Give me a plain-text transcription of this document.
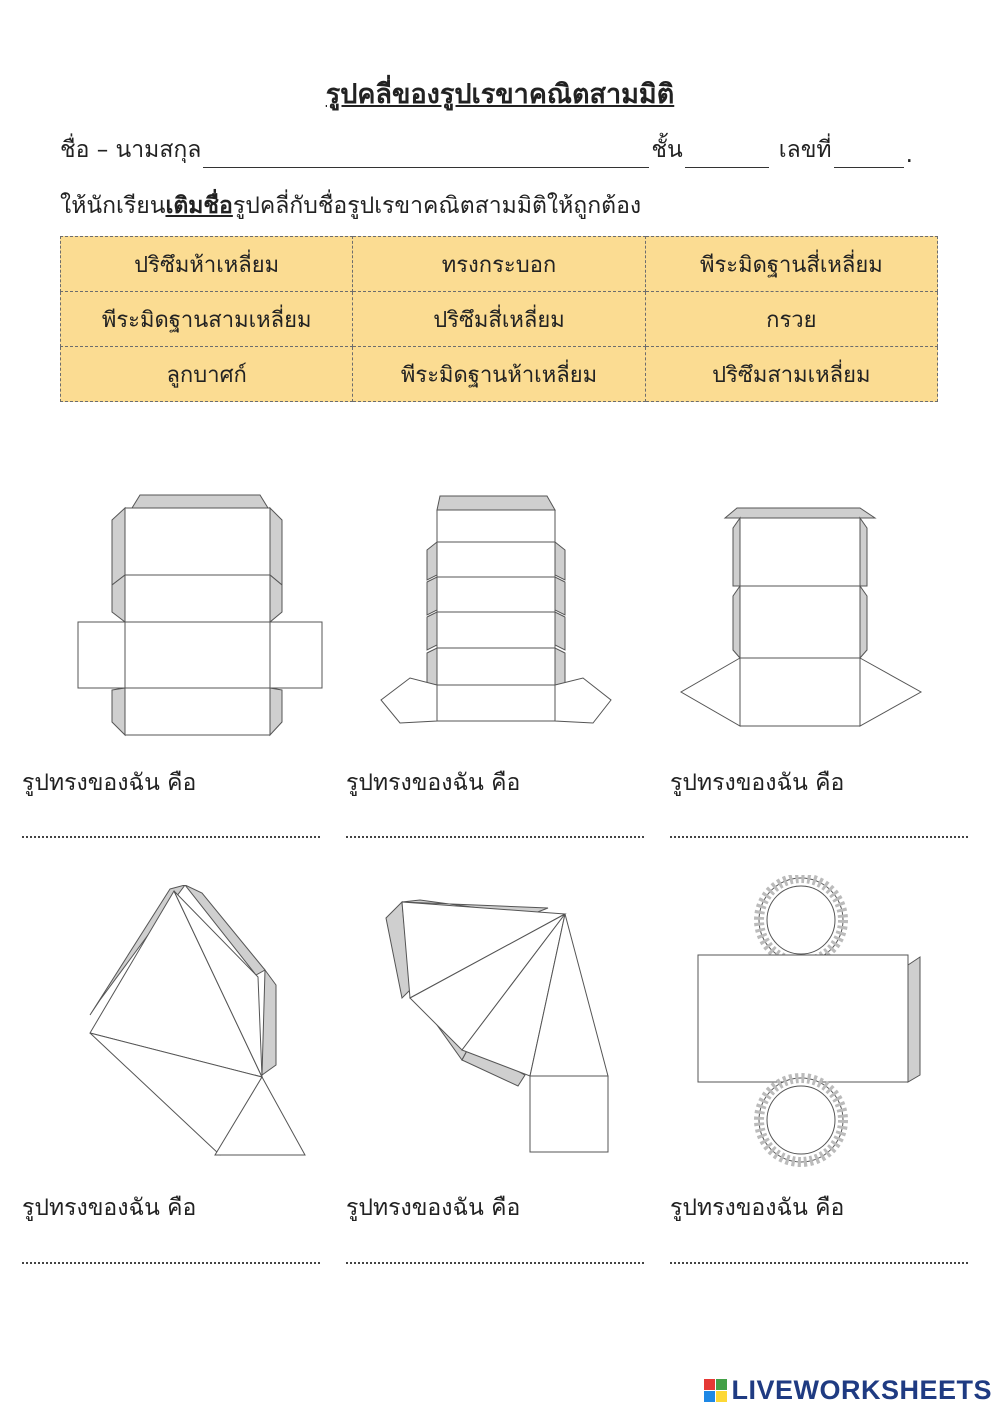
รูปคลี่ของรูปเรขาคณิตสามมิติ
ชื่อ – นามสกุล	ชั้น	เลขที่	.
ให้นักเรียนเติมชื่อรูปคลี่กับชื่อรูปเรขาคณิตสามมิติให้ถูกต้อง
ปริซึมห้าเหลี่ยม	ทรงกระบอก	พีระมิดฐานสี่เหลี่ยม
พีระมิดฐานสามเหลี่ยม	ปริซึมสี่เหลี่ยม	กรวย
ลูกบาศก์	พีระมิดฐานห้าเหลี่ยม	ปริซึมสามเหลี่ยม
รูปทรงของฉัน คือ	รูปทรงของฉัน คือ	รูปทรงของฉัน คือ
รูปทรงของฉัน คือ	รูปทรงของฉัน คือ	รูปทรงของฉัน คือ
LIVEWORKSHEETS
